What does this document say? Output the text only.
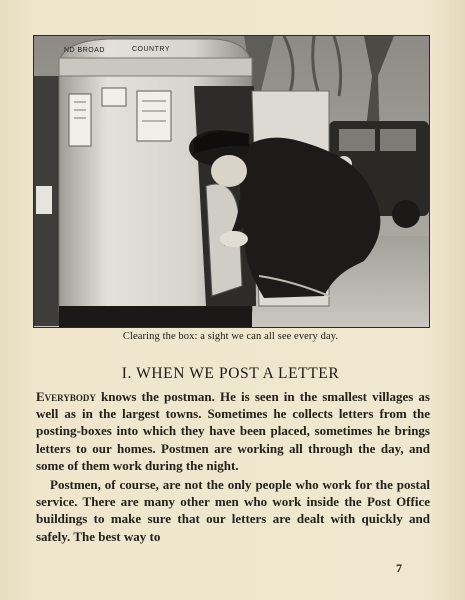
COUNTRY
ND BROAD
Clearing the box: a sight we can all see every day.
I. WHEN WE POST A LETTER

Everybody knows the postman. He is seen in the smallest villages as well as in the largest towns. Sometimes he collects letters from the posting-boxes into which they have been placed, sometimes he brings letters to our homes. Postmen are working all through the day, and some of them work during the night.

Postmen, of course, are not the only people who work for the postal service. There are many other men who work inside the Post Office buildings to make sure that our letters are dealt with quickly and safely. The best way to

7
